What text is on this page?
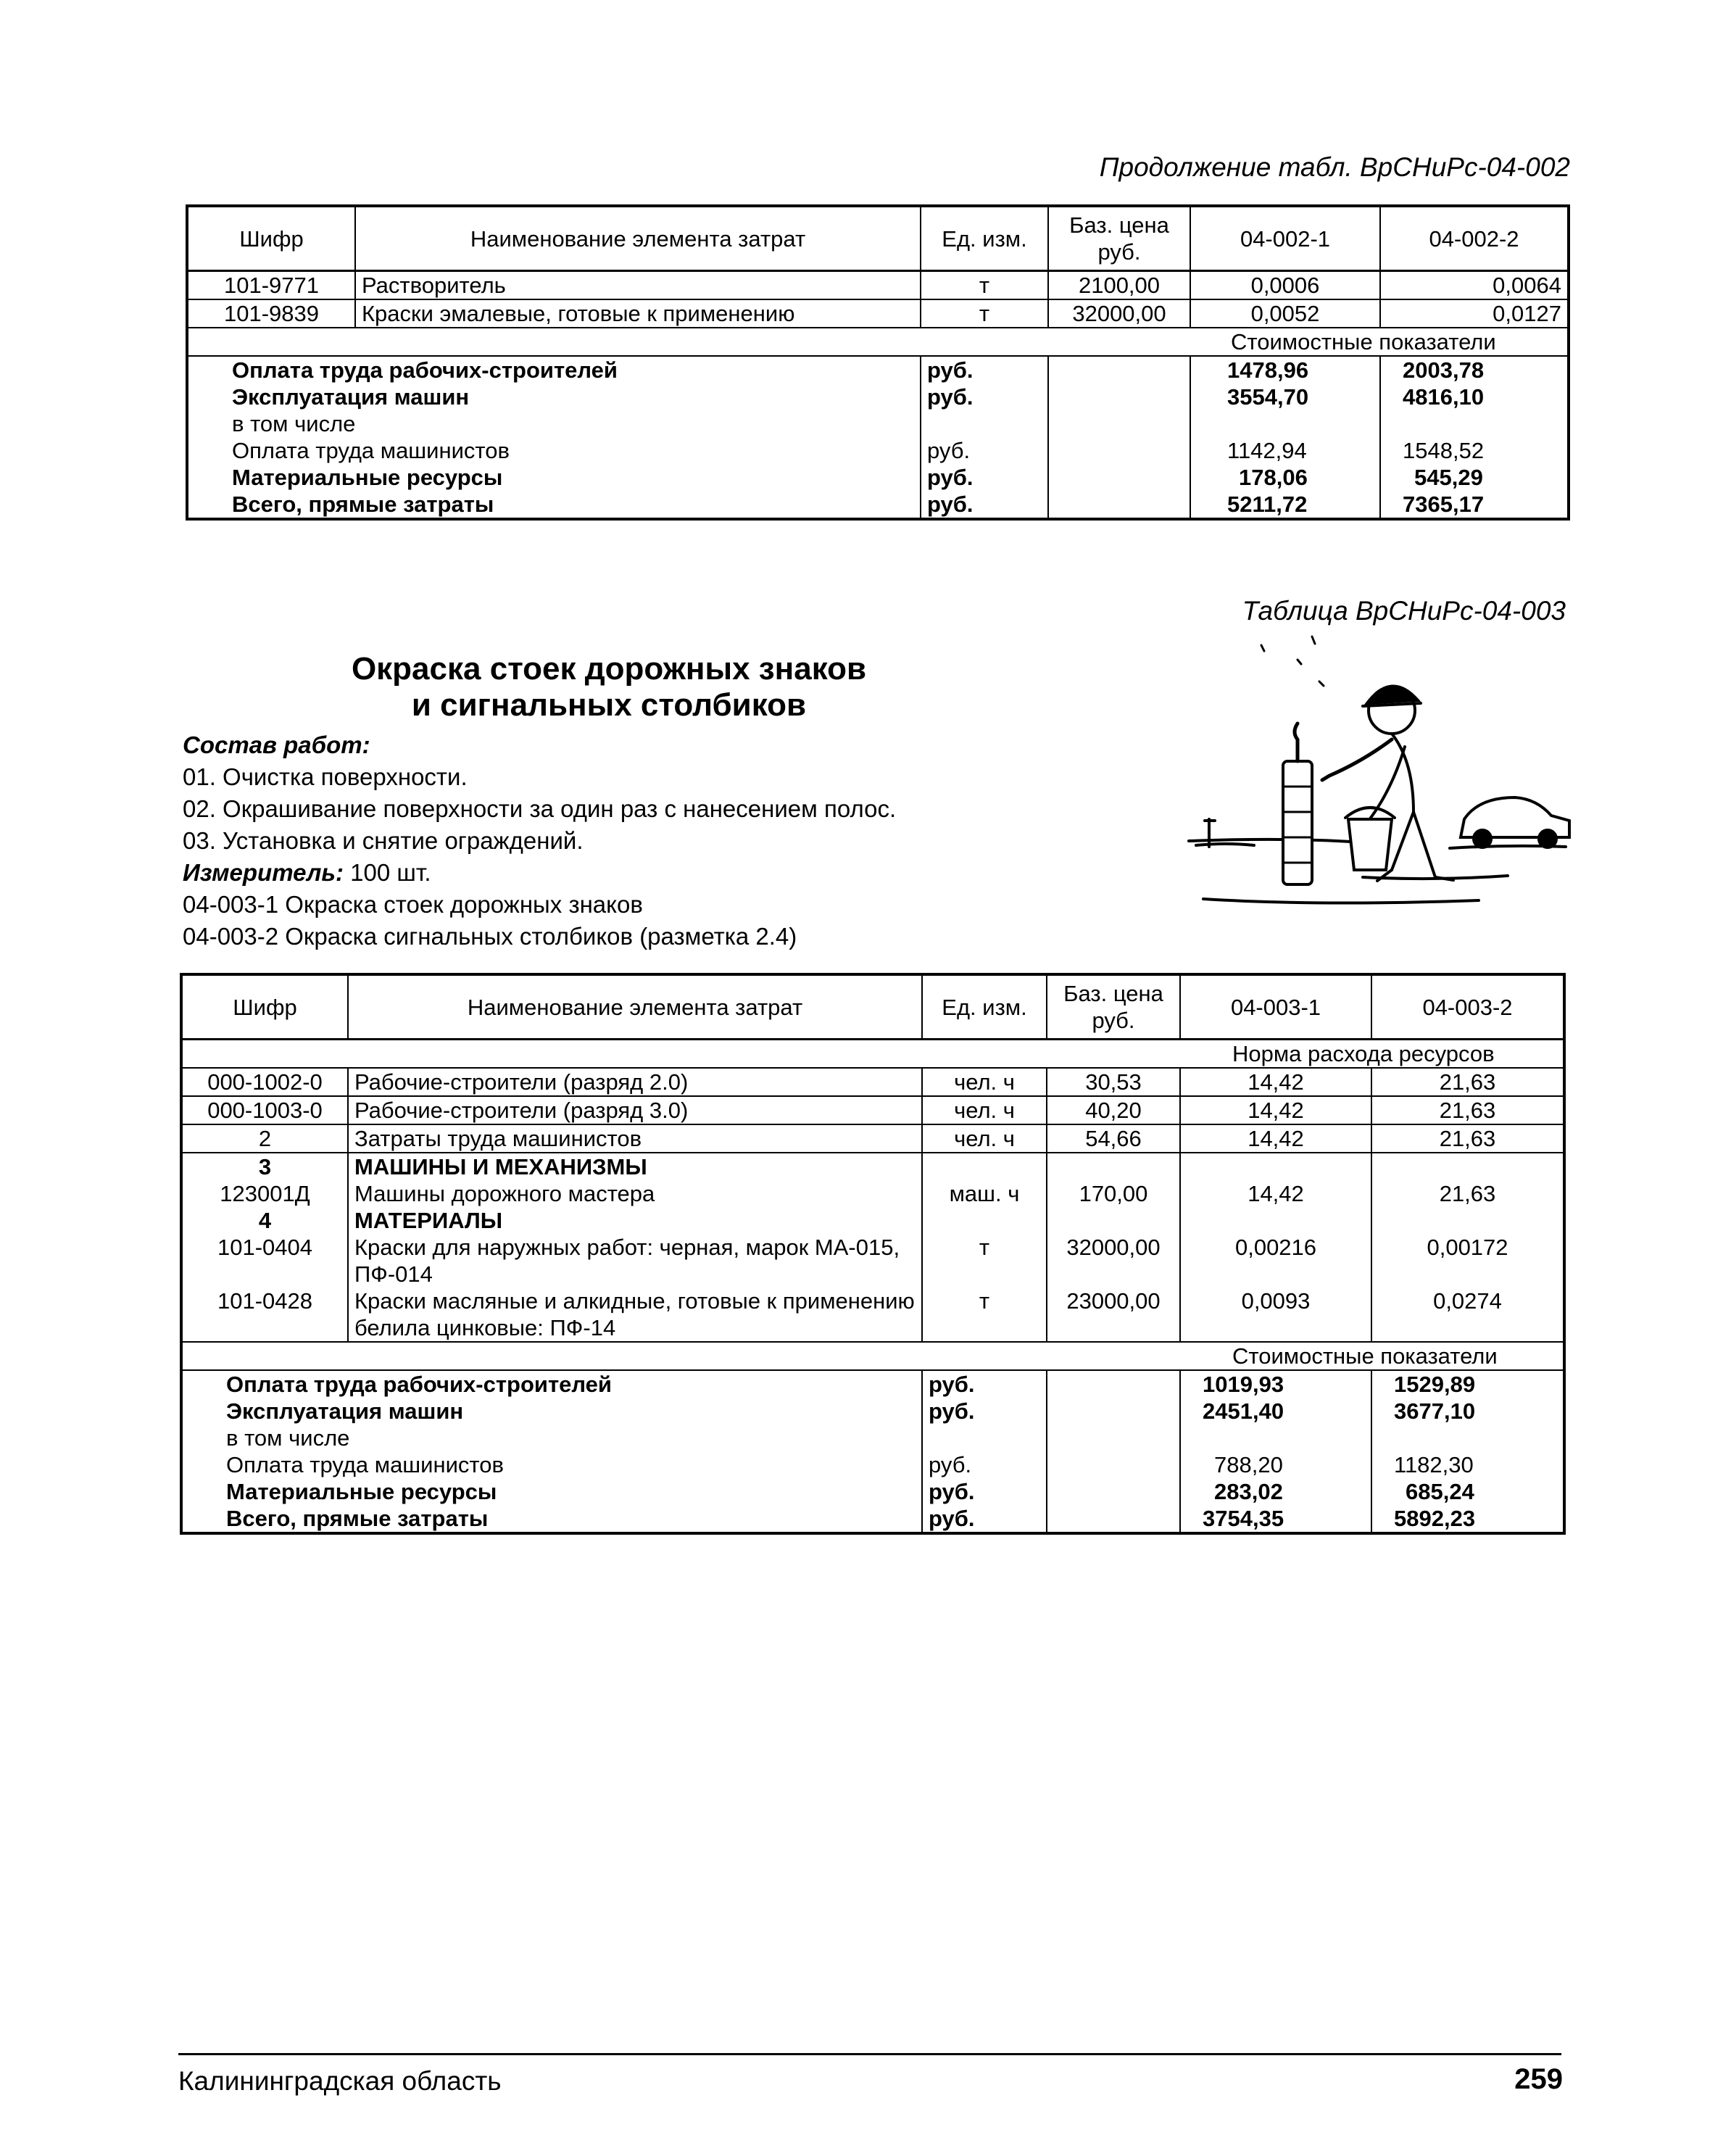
Продолжение табл. ВрСНиРс-04-002
Шифр	Наименование элемента затрат	Ед. изм.	Баз. цена руб.	04-002-1	04-002-2
101-9771	Растворитель	т	2100,00	0,0006	0,0064
101-9839	Краски эмалевые, готовые к применению	т	32000,00	0,0052	0,0127
Стоимостные показатели					
Оплата труда рабочих-строителей		руб.		1478,96	2003,78
Эксплуатация машин		руб.		3554,70	4816,10
в том числе					
Оплата труда машинистов		руб.		1142,94	1548,52
Материальные ресурсы		руб.		178,06	545,29
Всего, прямые затраты		руб.		5211,72	7365,17
Таблица ВрСНиРс-04-003
Окраска стоек дорожных знаков
и сигнальных столбиков
Состав работ:
01. Очистка поверхности.
02. Окрашивание поверхности за один раз с нанесением полос.
03. Установка и снятие ограждений.
Измеритель: 100 шт.
04-003-1 Окраска стоек дорожных знаков
04-003-2 Окраска сигнальных столбиков (разметка 2.4)
Шифр	Наименование элемента затрат	Ед. изм.	Баз. цена руб.	04-003-1	04-003-2
Норма расхода ресурсов					
000-1002-0	Рабочие-строители (разряд 2.0)	чел. ч	30,53	14,42	21,63
000-1003-0	Рабочие-строители (разряд 3.0)	чел. ч	40,20	14,42	21,63
2	Затраты труда машинистов	чел. ч	54,66	14,42	21,63
3	МАШИНЫ И МЕХАНИЗМЫ				
123001Д	Машины дорожного мастера	маш. ч	170,00	14,42	21,63
4	МАТЕРИАЛЫ				
101-0404	Краски для наружных работ: черная, марок МА-015, ПФ-014	т	32000,00	0,00216	0,00172
101-0428	Краски масляные и алкидные, готовые к применению белила цинковые: ПФ-14	т	23000,00	0,0093	0,0274
Стоимостные показатели					
Оплата труда рабочих-строителей		руб.		1019,93	1529,89
Эксплуатация машин		руб.		2451,40	3677,10
в том числе					
Оплата труда машинистов		руб.		788,20	1182,30
Материальные ресурсы		руб.		283,02	685,24
Всего, прямые затраты		руб.		3754,35	5892,23
Калининградская область	259
